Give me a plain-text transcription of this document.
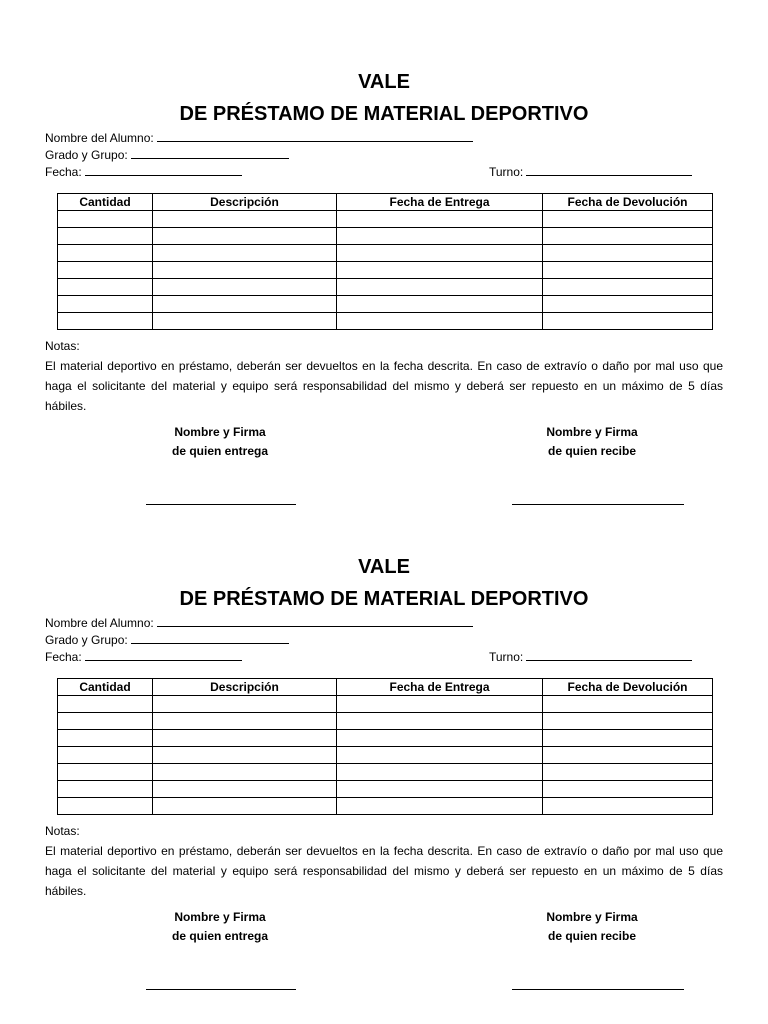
VALE
DE PRÉSTAMO DE MATERIAL DEPORTIVO
Nombre del Alumno:
Grado y Grupo:
Fecha:	Turno:
Cantidad	Descripción	Fecha de Entrega	Fecha de Devolución

Notas:

El material deportivo en préstamo, deberán ser devueltos en la fecha descrita. En caso de extravío o daño por mal uso que haga el solicitante del material y equipo será responsabilidad del mismo y deberá ser repuesto en un máximo de 5 días hábiles.

Nombre y Firma
de quien entrega
Nombre y Firma
de quien recibe
VALE
DE PRÉSTAMO DE MATERIAL DEPORTIVO
Nombre del Alumno:
Grado y Grupo:
Fecha:	Turno:
Cantidad	Descripción	Fecha de Entrega	Fecha de Devolución

Notas:

El material deportivo en préstamo, deberán ser devueltos en la fecha descrita. En caso de extravío o daño por mal uso que haga el solicitante del material y equipo será responsabilidad del mismo y deberá ser repuesto en un máximo de 5 días hábiles.

Nombre y Firma
de quien entrega
Nombre y Firma
de quien recibe
